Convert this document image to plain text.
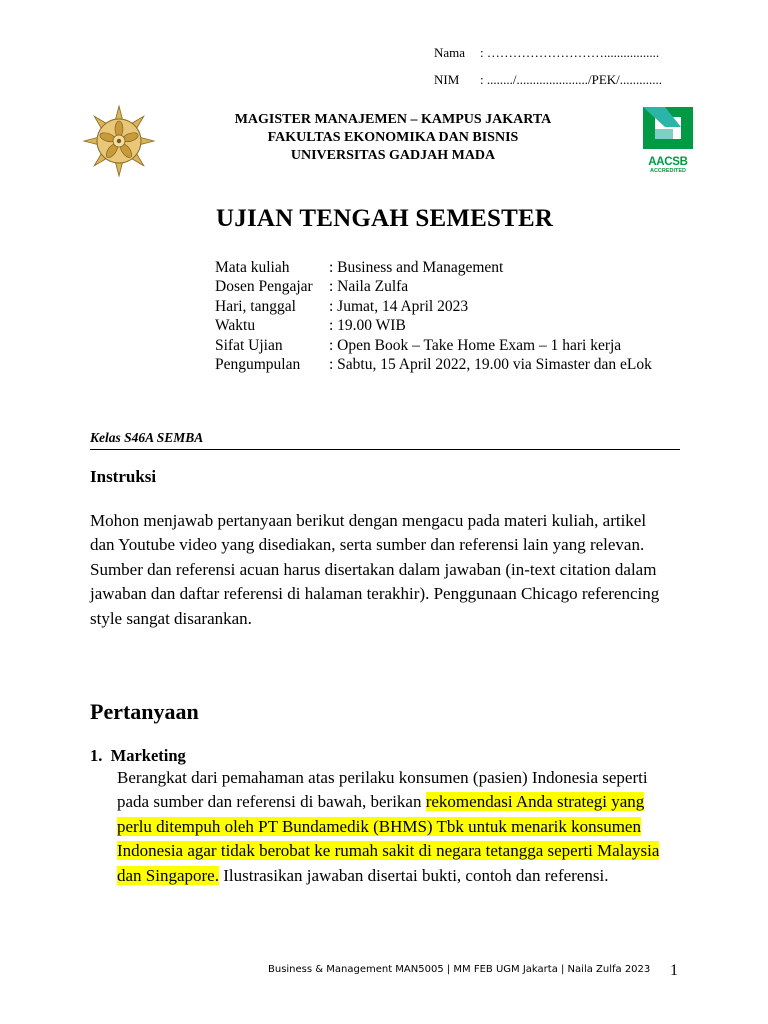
Nama : ……………………….................
NIM : ......../....................../PEK/.............
MAGISTER MANAJEMEN – KAMPUS JAKARTA
FAKULTAS EKONOMIKA DAN BISNIS
UNIVERSITAS GADJAH MADA	AACSB
ACCREDITED
UJIAN TENGAH SEMESTER
Mata kuliah	: Business and Management
Dosen Pengajar : Naila Zulfa
Hari, tanggal : Jumat, 14 April 2023
Waktu	: 19.00 WIB
Sifat Ujian	: Open Book – Take Home Exam – 1 hari kerja
Pengumpulan : Sabtu, 15 April 2022, 19.00 via Simaster dan eLok
Kelas S46A SEMBA
Instruksi
Mohon menjawab pertanyaan berikut dengan mengacu pada materi kuliah, artikel
dan Youtube video yang disediakan, serta sumber dan referensi lain yang relevan.
Sumber dan referensi acuan harus disertakan dalam jawaban (in-text citation dalam
jawaban dan daftar referensi di halaman terakhir). Penggunaan Chicago referencing
style sangat disarankan.
Pertanyaan
1. Marketing
Berangkat dari pemahaman atas perilaku konsumen (pasien) Indonesia seperti
pada sumber dan referensi di bawah, berikan rekomendasi Anda strategi yang
perlu ditempuh oleh PT Bundamedik (BHMS) Tbk untuk menarik konsumen
Indonesia agar tidak berobat ke rumah sakit di negara tetangga seperti Malaysia
dan Singapore. Ilustrasikan jawaban disertai bukti, contoh dan referensi.
Business & Management MAN5005 | MM FEB UGM Jakarta | Naila Zulfa 2023 1
